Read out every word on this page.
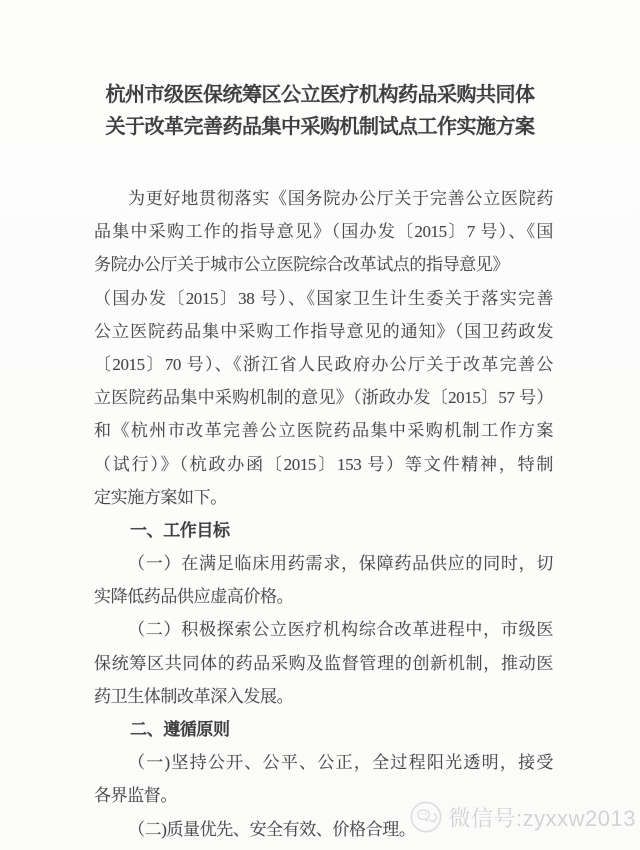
杭州市级医保统筹区公立医疗机构药品采购共同体
关于改革完善药品集中采购机制试点工作实施方案
为更好地贯彻落实《国务院办公厅关于完善公立医院药
品集中采购工作的指导意见》（国办发〔2015〕7 号）、《国
务院办公厅关于城市公立医院综合改革试点的指导意见》
（国办发〔2015〕38 号）、《国家卫生计生委关于落实完善
公立医院药品集中采购工作指导意见的通知》（国卫药政发
〔2015〕70 号）、《浙江省人民政府办公厅关于改革完善公
立医院药品集中采购机制的意见》（浙政办发〔2015〕57 号）
和《杭州市改革完善公立医院药品集中采购机制工作方案
（试行）》（杭政办函〔2015〕153 号）等文件精神，特制
定实施方案如下。
一、工作目标
（一）在满足临床用药需求，保障药品供应的同时，切
实降低药品供应虚高价格。
（二）积极探索公立医疗机构综合改革进程中，市级医
保统筹区共同体的药品采购及监督管理的创新机制，推动医
药卫生体制改革深入发展。
二、遵循原则
（一)坚持公开、公平、公正，全过程阳光透明，接受
各界监督。
（二)质量优先、安全有效、价格合理。	微信号:zyxxw2013
